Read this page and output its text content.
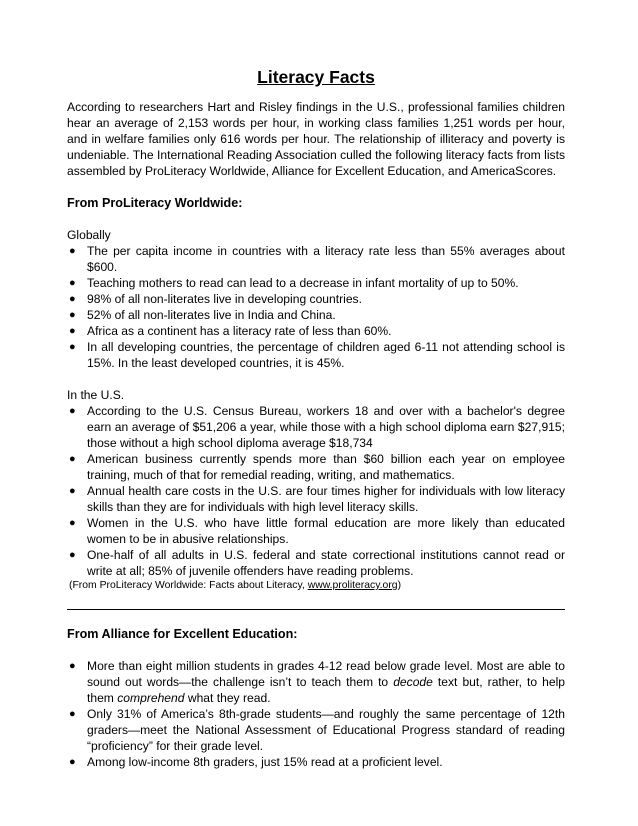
Literacy Facts

According to researchers Hart and Risley findings in the U.S., professional families children hear an average of 2,153 words per hour, in working class families 1,251 words per hour, and in welfare families only 616 words per hour. The relationship of illiteracy and poverty is undeniable. The International Reading Association culled the following literacy facts from lists assembled by ProLiteracy Worldwide, Alliance for Excellent Education, and AmericaScores.

From ProLiteracy Worldwide:

Globally

● The per capita income in countries with a literacy rate less than 55% averages about $600.
● Teaching mothers to read can lead to a decrease in infant mortality of up to 50%.
● 98% of all non-literates live in developing countries.
● 52% of all non-literates live in India and China.
● Africa as a continent has a literacy rate of less than 60%.
● In all developing countries, the percentage of children aged 6-11 not attending school is 15%. In the least developed countries, it is 45%.

In the U.S.

● According to the U.S. Census Bureau, workers 18 and over with a bachelor's degree earn an average of $51,206 a year, while those with a high school diploma earn $27,915; those without a high school diploma average $18,734
● American business currently spends more than $60 billion each year on employee training, much of that for remedial reading, writing, and mathematics.
● Annual health care costs in the U.S. are four times higher for individuals with low literacy skills than they are for individuals with high level literacy skills.
● Women in the U.S. who have little formal education are more likely than educated women to be in abusive relationships.
● One-half of all adults in U.S. federal and state correctional institutions cannot read or write at all; 85% of juvenile offenders have reading problems.

(From ProLiteracy Worldwide: Facts about Literacy, www.proliteracy.org)

From Alliance for Excellent Education:

● More than eight million students in grades 4-12 read below grade level. Most are able to sound out words—the challenge isn’t to teach them to decode text but, rather, to help them comprehend what they read.
● Only 31% of America’s 8th-grade students—and roughly the same percentage of 12th graders—meet the National Assessment of Educational Progress standard of reading “proficiency” for their grade level.
● Among low-income 8th graders, just 15% read at a proficient level.
